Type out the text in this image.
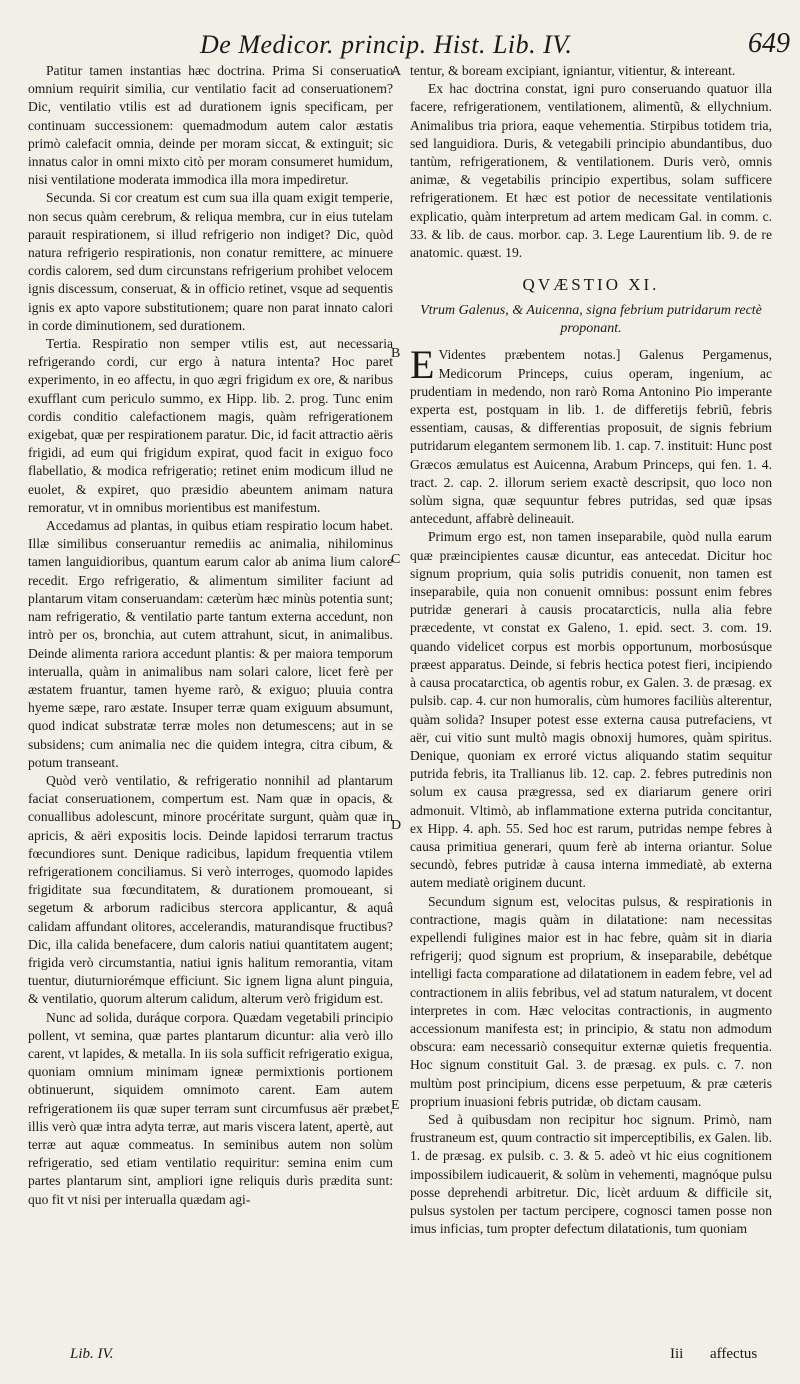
De Medicor. princip. Hist. Lib. IV.	649

Patitur tamen instantias hæc doctrina. Prima Si conseruatio omnium requirit similia, cur ventilatio facit ad conseruationem? Dic, ventilatio vtilis est ad durationem ignis specificam, per continuam successionem: quemadmodum autem calor æstatis primò calefacit omnia, deinde per moram siccat, & extinguit; sic innatus calor in omni mixto citò per moram consumeret humidum, nisi ventilatione moderata immodica illa mora impediretur.

Secunda. Si cor creatum est cum sua illa quam exigit temperie, non secus quàm cerebrum, & reliqua membra, cur in eius tutelam parauit respirationem, si illud refrigerio non indiget? Dic, quòd natura refrigerio respirationis, non conatur remittere, ac minuere cordis calorem, sed dum circunstans refrigerium prohibet velocem ignis discessum, conseruat, & in officio retinet, vsque ad sequentis ignis ex apto vapore substitutionem; quare non parat innato calori in corde diminutionem, sed durationem.

Tertia. Respiratio non semper vtilis est, aut necessaria refrigerando cordi, cur ergo à natura intenta? Hoc paret experimento, in eo affectu, in quo ægri frigidum ex ore, & naribus exufflant cum periculo summo, ex Hipp. lib. 2. prog. Tunc enim cordis conditio calefactionem magis, quàm refrigerationem exigebat, quæ per respirationem paratur. Dic, id facit attractio aëris frigidi, ad eum qui frigidum expirat, quod facit in exiguo foco flabellatio, & modica refrigeratio; retinet enim modicum illud ne euolet, & expiret, quo præsidio abeuntem animam natura remoratur, vt in omnibus morientibus est manifestum.

Accedamus ad plantas, in quibus etiam respiratio locum habet. Illæ similibus conseruantur remediis ac animalia, nihilominus tamen languidioribus, quantum earum calor ab anima lium calore recedit. Ergo refrigeratio, & alimentum similiter faciunt ad plantarum vitam conseruandam: cæterùm hæc minùs potentia sunt; nam refrigeratio, & ventilatio parte tantum externa accedunt, non intrò per os, bronchia, aut cutem attrahunt, sicut, in animalibus. Deinde alimenta rariora accedunt plantis: & per maiora temporum interualla, quàm in animalibus nam solari calore, licet ferè per æstatem fruantur, tamen hyeme rarò, & exiguo; pluuia contra hyeme sæpe, raro æstate. Insuper terræ quam exiguum absumunt, quod indicat substratæ terræ moles non detumescens; aut in se subsidens; cum animalia nec die quidem integra, citra cibum, & potum transeant.

Quòd verò ventilatio, & refrigeratio nonnihil ad plantarum faciat conseruationem, compertum est. Nam quæ in opacis, & conuallibus adolescunt, minore procéritate surgunt, quàm quæ in apricis, & aëri expositis locis. Deinde lapidosi terrarum tractus fœcundiores sunt. Denique radicibus, lapidum frequentia vtilem refrigerationem conciliamus. Si verò interroges, quomodo lapides frigiditate sua fœcunditatem, & durationem promoueant, si segetum & arborum radicibus stercora applicantur, & aquâ calidam affundant olitores, accelerandis, maturandisque fructibus? Dic, illa calida benefacere, dum caloris natiui quantitatem augent; frigida verò circumstantia, natiui ignis halitum remorantia, vitam tuentur, diuturniorémque efficiunt. Sic ignem ligna alunt pinguia, & ventilatio, quorum alterum calidum, alterum verò frigidum est.

Nunc ad solida, duráque corpora. Quædam vegetabili principio pollent, vt semina, quæ partes plantarum dicuntur: alia verò illo carent, vt lapides, & metalla. In iis sola sufficit refrigeratio exigua, quoniam omnium minimam igneæ permixtionis portionem obtinuerunt, siquidem omnimoto carent. Eam autem refrigerationem iis quæ super terram sunt circumfusus aër præbet, illis verò quæ intra adyta terræ, aut maris viscera latent, apertè, aut terræ aut aquæ commeatus. In seminibus autem non solùm refrigeratio, sed etiam ventilatio requiritur: semina enim cum partes plantarum sint, ampliori igne reliquis durìs prædita sunt: quo fit vt nisi per interualla quædam agi-

A
B
C
D
E

tentur, & boream excipiant, igniantur, vitientur, & intereant.

Ex hac doctrina constat, igni puro conseruando quatuor illa facere, refrigerationem, ventilationem, alimentũ, & ellychnium. Animalibus tria priora, eaque vehementia. Stirpibus totidem tria, sed languidiora. Duris, & vetegabili principio abundantibus, duo tantùm, refrigerationem, & ventilationem. Duris verò, omnis animæ, & vegetabilis principio expertibus, solam sufficere refrigerationem. Et hæc est potior de necessitate ventilationis explicatio, quàm interpretum ad artem medicam Gal. in comm. c. 33. & lib. de caus. morbor. cap. 3. Lege Laurentium lib. 9. de re anatomic. quæst. 19.

QVÆSTIO XI.
Vtrum Galenus, & Auicenna, signa febrium putridarum rectè proponant.

E Videntes præbentem notas.] Galenus Pergamenus, Medicorum Princeps, cuius operam, ingenium, ac prudentiam in medendo, non rarò Roma Antonino Pio imperante experta est, postquam in lib. 1. de differetijs febriũ, febris essentiam, causas, & differentias proposuit, de signis febrium putridarum elegantem sermonem lib. 1. cap. 7. instituit: Hunc post Græcos æmulatus est Auicenna, Arabum Princeps, qui fen. 1. 4. tract. 2. cap. 2. illorum seriem exactè descripsit, quo loco non solùm signa, quæ sequuntur febres putridas, sed quæ ipsas antecedunt, affabrè delineauit.

Primum ergo est, non tamen inseparabile, quòd nulla earum quæ præincipientes causæ dicuntur, eas antecedat. Dicitur hoc signum proprium, quia solis putridis conuenit, non tamen est inseparabile, quia non conuenit omnibus: possunt enim febres putridæ generari à causis procatarcticis, nulla alia febre præcedente, vt constat ex Galeno, 1. epid. sect. 3. com. 19. quando videlicet corpus est morbis opportunum, morbosúsque præest apparatus. Deinde, si febris hectica potest fieri, incipiendo à causa procatarctica, ob agentis robur, ex Galen. 3. de præsag. ex pulsib. cap. 4. cur non humoralis, cùm humores faciliùs alterentur, quàm solida? Insuper potest esse externa causa putrefaciens, vt aër, cui vitio sunt multò magis obnoxij humores, quàm spiritus. Denique, quoniam ex erroré victus aliquando statim sequitur putrida febris, ita Trallianus lib. 12. cap. 2. febres putredinis non solum ex causa prægressa, sed ex diariarum genere oriri admonuit. Vltimò, ab inflammatione externa putrida concitantur, ex Hipp. 4. aph. 55. Sed hoc est rarum, putridas nempe febres à causa primitiua generari, quum ferè ab interna oriantur. Solue secundò, febres putridæ à causa interna immediatè, ab externa autem mediatè originem ducunt.

Secundum signum est, velocitas pulsus, & respirationis in contractione, magis quàm in dilatatione: nam necessitas expellendi fuligines maior est in hac febre, quàm sit in diaria refrigerij; quod signum est proprium, & inseparabile, debétque intelligi facta comparatione ad dilatationem in eadem febre, vel ad contractionem in aliis febribus, vel ad statum naturalem, vt docent interpretes in com. Hæc velocitas contractionis, in augmento accessionum manifesta est; in principio, & statu non admodum obscura: eam necessariò consequitur externæ quietis frequentia. Hoc signum constituit Gal. 3. de præsag. ex puls. c. 7. non multùm post principium, dicens esse perpetuum, & præ cæteris proprium inuasioni febris putridæ, ob dictam causam.

Sed à quibusdam non recipitur hoc signum. Primò, nam frustraneum est, quum contractio sit imperceptibilis, ex Galen. lib. 1. de præsag. ex pulsib. c. 3. & 5. adeò vt hic eius cognitionem impossibilem iudicauerit, & solùm in vehementi, magnóque pulsu posse deprehendi arbitretur. Dic, licèt arduum & difficile sit, pulsus systolen per tactum percipere, cognosci tamen posse non imus inficias, tum propter defectum dilatationis, tum quoniam

Lib. IV.	Iii affectus
